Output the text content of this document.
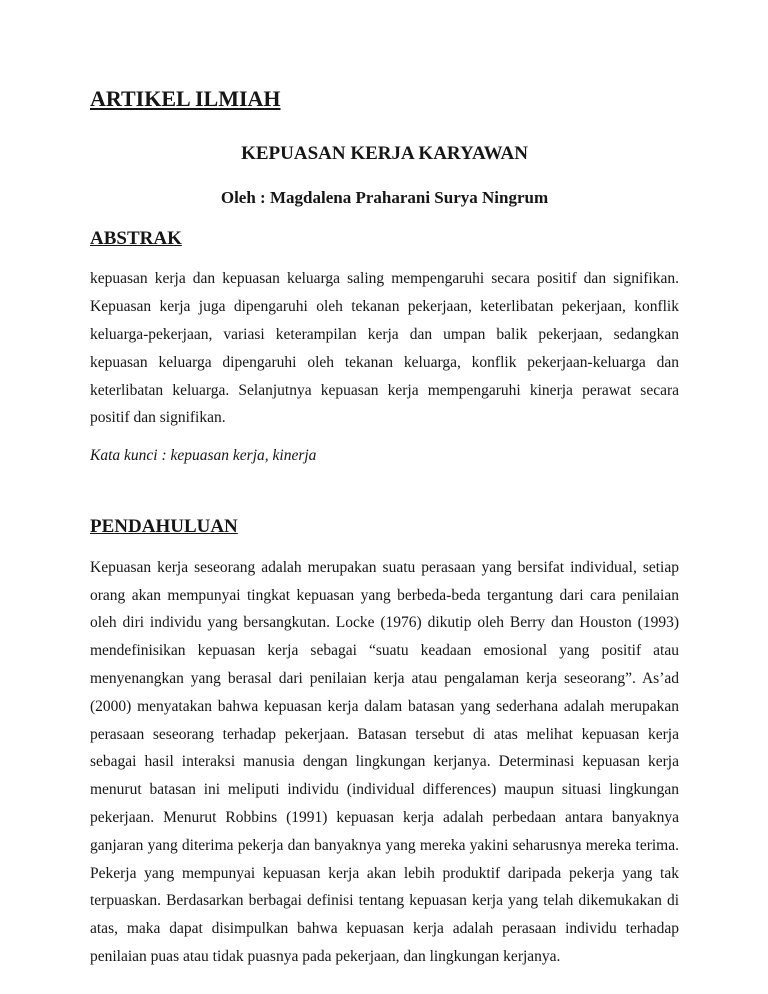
ARTIKEL ILMIAH

KEPUASAN KERJA KARYAWAN

Oleh : Magdalena Praharani Surya Ningrum

ABSTRAK

kepuasan kerja dan kepuasan keluarga saling mempengaruhi secara positif dan signifikan. Kepuasan kerja juga dipengaruhi oleh tekanan pekerjaan, keterlibatan pekerjaan, konflik keluarga-pekerjaan, variasi keterampilan kerja dan umpan balik pekerjaan, sedangkan kepuasan keluarga dipengaruhi oleh tekanan keluarga, konflik pekerjaan-keluarga dan keterlibatan keluarga. Selanjutnya kepuasan kerja mempengaruhi kinerja perawat secara positif dan signifikan.

Kata kunci : kepuasan kerja, kinerja

PENDAHULUAN

Kepuasan kerja seseorang adalah merupakan suatu perasaan yang bersifat individual, setiap orang akan mempunyai tingkat kepuasan yang berbeda-beda tergantung dari cara penilaian oleh diri individu yang bersangkutan. Locke (1976) dikutip oleh Berry dan Houston (1993) mendefinisikan kepuasan kerja sebagai “suatu keadaan emosional yang positif atau menyenangkan yang berasal dari penilaian kerja atau pengalaman kerja seseorang”. As’ad (2000) menyatakan bahwa kepuasan kerja dalam batasan yang sederhana adalah merupakan perasaan seseorang terhadap pekerjaan. Batasan tersebut di atas melihat kepuasan kerja sebagai hasil interaksi manusia dengan lingkungan kerjanya. Determinasi kepuasan kerja menurut batasan ini meliputi individu (individual differences) maupun situasi lingkungan pekerjaan. Menurut Robbins (1991) kepuasan kerja adalah perbedaan antara banyaknya ganjaran yang diterima pekerja dan banyaknya yang mereka yakini seharusnya mereka terima. Pekerja yang mempunyai kepuasan kerja akan lebih produktif daripada pekerja yang tak terpuaskan. Berdasarkan berbagai definisi tentang kepuasan kerja yang telah dikemukakan di atas, maka dapat disimpulkan bahwa kepuasan kerja adalah perasaan individu terhadap penilaian puas atau tidak puasnya pada pekerjaan, dan lingkungan kerjanya.
